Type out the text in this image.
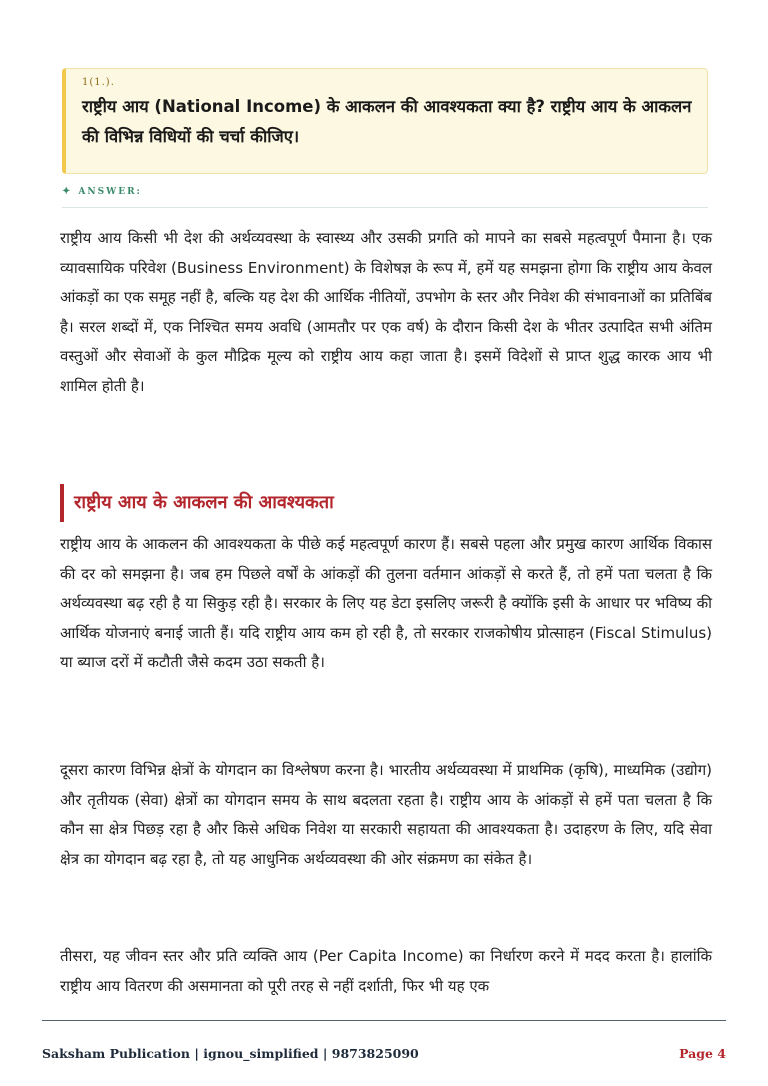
1(1.).
राष्ट्रीय आय (National Income) के आकलन की आवश्यकता क्या है? राष्ट्रीय आय के आकलन की विभिन्न विधियों की चर्चा कीजिए।
✦ ANSWER:

राष्ट्रीय आय किसी भी देश की अर्थव्यवस्था के स्वास्थ्य और उसकी प्रगति को मापने का सबसे महत्वपूर्ण पैमाना है। एक व्यावसायिक परिवेश (Business Environment) के विशेषज्ञ के रूप में, हमें यह समझना होगा कि राष्ट्रीय आय केवल आंकड़ों का एक समूह नहीं है, बल्कि यह देश की आर्थिक नीतियों, उपभोग के स्तर और निवेश की संभावनाओं का प्रतिबिंब है। सरल शब्दों में, एक निश्चित समय अवधि (आमतौर पर एक वर्ष) के दौरान किसी देश के भीतर उत्पादित सभी अंतिम वस्तुओं और सेवाओं के कुल मौद्रिक मूल्य को राष्ट्रीय आय कहा जाता है। इसमें विदेशों से प्राप्त शुद्ध कारक आय भी शामिल होती है।

राष्ट्रीय आय के आकलन की आवश्यकता

राष्ट्रीय आय के आकलन की आवश्यकता के पीछे कई महत्वपूर्ण कारण हैं। सबसे पहला और प्रमुख कारण आर्थिक विकास की दर को समझना है। जब हम पिछले वर्षों के आंकड़ों की तुलना वर्तमान आंकड़ों से करते हैं, तो हमें पता चलता है कि अर्थव्यवस्था बढ़ रही है या सिकुड़ रही है। सरकार के लिए यह डेटा इसलिए जरूरी है क्योंकि इसी के आधार पर भविष्य की आर्थिक योजनाएं बनाई जाती हैं। यदि राष्ट्रीय आय कम हो रही है, तो सरकार राजकोषीय प्रोत्साहन (Fiscal Stimulus) या ब्याज दरों में कटौती जैसे कदम उठा सकती है।

दूसरा कारण विभिन्न क्षेत्रों के योगदान का विश्लेषण करना है। भारतीय अर्थव्यवस्था में प्राथमिक (कृषि), माध्यमिक (उद्योग) और तृतीयक (सेवा) क्षेत्रों का योगदान समय के साथ बदलता रहता है। राष्ट्रीय आय के आंकड़ों से हमें पता चलता है कि कौन सा क्षेत्र पिछड़ रहा है और किसे अधिक निवेश या सरकारी सहायता की आवश्यकता है। उदाहरण के लिए, यदि सेवा क्षेत्र का योगदान बढ़ रहा है, तो यह आधुनिक अर्थव्यवस्था की ओर संक्रमण का संकेत है।

तीसरा, यह जीवन स्तर और प्रति व्यक्ति आय (Per Capita Income) का निर्धारण करने में मदद करता है। हालांकि राष्ट्रीय आय वितरण की असमानता को पूरी तरह से नहीं दर्शाती, फिर भी यह एक

Saksham Publication | ignou_simplified | 9873825090	Page 4
